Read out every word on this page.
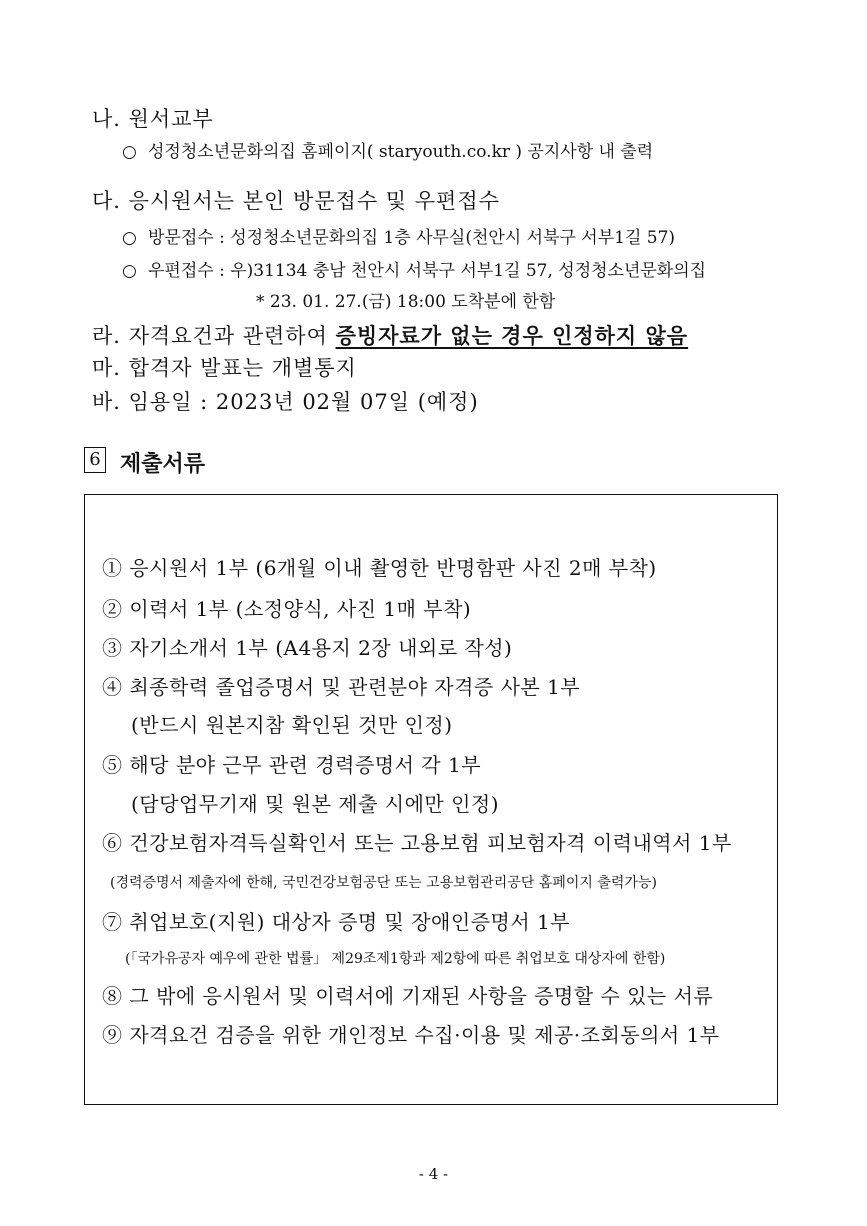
나. 원서교부
○ 성정청소년문화의집 홈페이지( staryouth.co.kr ) 공지사항 내 출력
다. 응시원서는 본인 방문접수 및 우편접수
○ 방문접수 : 성정청소년문화의집 1층 사무실(천안시 서북구 서부1길 57)
○ 우편접수 : 우)31134 충남 천안시 서북구 서부1길 57, 성정청소년문화의집
* 23. 01. 27.(금) 18:00 도착분에 한함
라. 자격요건과 관련하여 증빙자료가 없는 경우 인정하지 않음
마. 합격자 발표는 개별통지
바. 임용일 : 2023년 02월 07일 (예정)
6 제출서류
① 응시원서 1부 (6개월 이내 촬영한 반명함판 사진 2매 부착)
② 이력서 1부 (소정양식, 사진 1매 부착)
③ 자기소개서 1부 (A4용지 2장 내외로 작성)
④ 최종학력 졸업증명서 및 관련분야 자격증 사본 1부
(반드시 원본지참 확인된 것만 인정)
⑤ 해당 분야 근무 관련 경력증명서 각 1부
(담당업무기재 및 원본 제출 시에만 인정)
⑥ 건강보험자격득실확인서 또는 고용보험 피보험자격 이력내역서 1부
(경력증명서 제출자에 한해, 국민건강보험공단 또는 고용보험관리공단 홈페이지 출력가능)
⑦ 취업보호(지원) 대상자 증명 및 장애인증명서 1부
(「국가유공자 예우에 관한 법률」 제29조제1항과 제2항에 따른 취업보호 대상자에 한함)
⑧ 그 밖에 응시원서 및 이력서에 기재된 사항을 증명할 수 있는 서류
⑨ 자격요건 검증을 위한 개인정보 수집·이용 및 제공·조회동의서 1부
- 4 -
